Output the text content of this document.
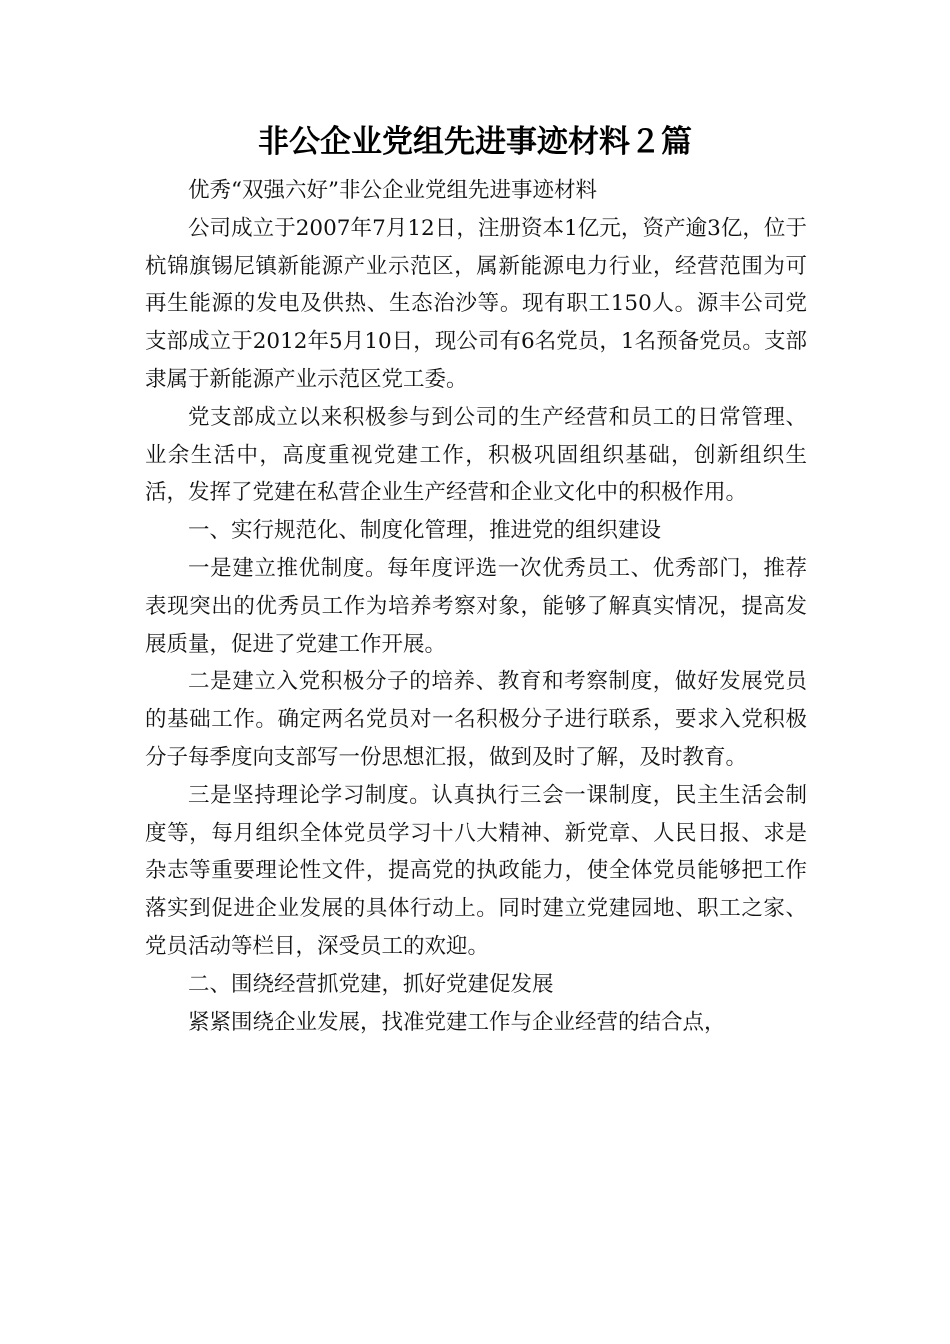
非公企业党组先进事迹材料２篇

优秀“双强六好”非公企业党组先进事迹材料

公司成立于2007年7月12日，注册资本1亿元，资产逾3亿，位于杭锦旗锡尼镇新能源产业示范区，属新能源电力行业，经营范围为可再生能源的发电及供热、生态治沙等。现有职工150人。源丰公司党支部成立于2012年5月10日，现公司有6名党员，1名预备党员。支部隶属于新能源产业示范区党工委。

党支部成立以来积极参与到公司的生产经营和员工的日常管理、业余生活中，高度重视党建工作，积极巩固组织基础，创新组织生活，发挥了党建在私营企业生产经营和企业文化中的积极作用。

一、实行规范化、制度化管理，推进党的组织建设

一是建立推优制度。每年度评选一次优秀员工、优秀部门，推荐表现突出的优秀员工作为培养考察对象，能够了解真实情况，提高发展质量，促进了党建工作开展。

二是建立入党积极分子的培养、教育和考察制度，做好发展党员的基础工作。确定两名党员对一名积极分子进行联系，要求入党积极分子每季度向支部写一份思想汇报，做到及时了解，及时教育。

三是坚持理论学习制度。认真执行三会一课制度，民主生活会制度等，每月组织全体党员学习十八大精神、新党章、人民日报、求是杂志等重要理论性文件，提高党的执政能力，使全体党员能够把工作落实到促进企业发展的具体行动上。同时建立党建园地、职工之家、党员活动等栏目，深受员工的欢迎。

二、围绕经营抓党建，抓好党建促发展

紧紧围绕企业发展，找准党建工作与企业经营的结合点，
